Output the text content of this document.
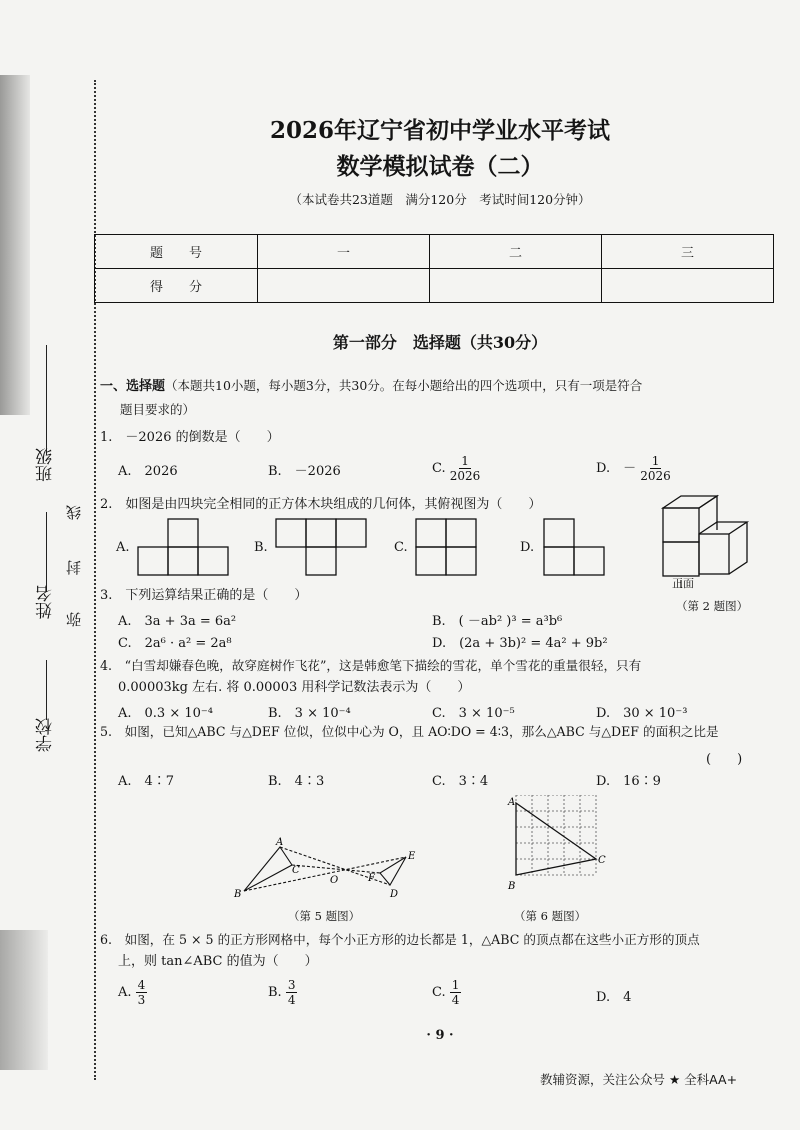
班级
姓名
学校
线
封
弥
2026年辽宁省初中学业水平考试
数学模拟试卷（二）
（本试卷共23道题　满分120分　考试时间120分钟）
题　　号	一	二	三
得　　分			
第一部分　选择题（共30分）
一、选择题（本题共10小题，每小题3分，共30分。在每小题给出的四个选项中，只有一项是符合
题目要求的）
1.　－2026 的倒数是（　　）
A.　2026	B.　－2026	C. $\frac{1}{2026}$	D.　－ $\frac{1}{2026}$
2.　如图是由四块完全相同的正方体木块组成的几何体，其俯视图为（　　）
A.	B.	C.	D.
正面
（第 2 题图）
3.　下列运算结果正确的是（　　）
A.　3a + 3a = 6a²	B.　( －ab² )³ = a³b⁶
C.　2a⁶ · a² = 2a⁸	D.　(2a + 3b)² = 4a² + 9b²
4.　“白雪却嫌春色晚，故穿庭树作飞花”，这是韩愈笔下描绘的雪花，单个雪花的重量很轻，只有
0.00003kg 左右. 将 0.00003 用科学记数法表示为（　　）
A.　0.3 × 10⁻⁴	B.　3 × 10⁻⁴	C.　3 × 10⁻⁵	D.　30 × 10⁻³
5.　如图，已知△ABC 与△DEF 位似，位似中心为 O，且 AO∶DO = 4∶3，那么△ABC 与△DEF 的面积之比是
(　　)
A.　4∶7	B.　4∶3	C.　3∶4	D.　16∶9
A
B
C
O
E
F
D
（第 5 题图）
A
B
C
（第 6 题图）
6.　如图，在 5 × 5 的正方形网格中，每个小正方形的边长都是 1，△ABC 的顶点都在这些小正方形的顶点
上，则 tan∠ABC 的值为（　　）
A. $\frac{4}{3}$	B. $\frac{3}{4}$	C. $\frac{1}{4}$	D.　4
· 9 ·
教辅资源，关注公众号 ★ 全科AA+
